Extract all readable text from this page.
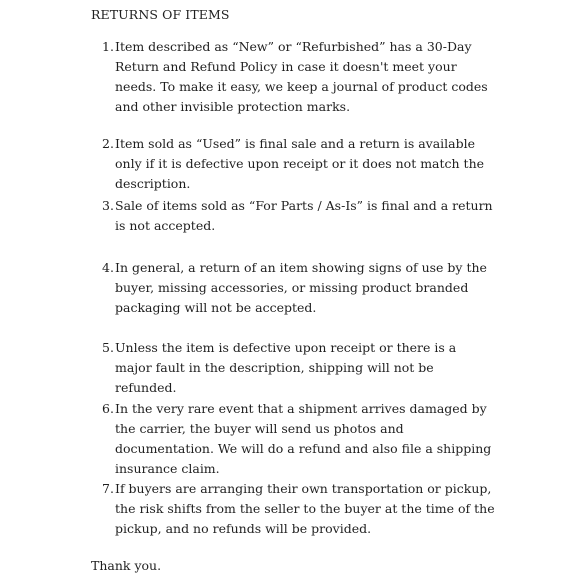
RETURNS OF ITEMS
1. Item described as “New” or “Refurbished” has a 30-Day Return and Refund Policy in case it doesn't meet your needs. To make it easy, we keep a journal of product codes and other invisible protection marks.
2. Item sold as “Used” is final sale and a return is available only if it is defective upon receipt or it does not match the description.
3. Sale of items sold as “For Parts / As-Is” is final and a return is not accepted.
4. In general, a return of an item showing signs of use by the buyer, missing accessories, or missing product branded packaging will not be accepted.
5. Unless the item is defective upon receipt or there is a major fault in the description, shipping will not be refunded.
6. In the very rare event that a shipment arrives damaged by the carrier, the buyer will send us photos and documentation. We will do a refund and also file a shipping insurance claim.
7. If buyers are arranging their own transportation or pickup, the risk shifts from the seller to the buyer at the time of the pickup, and no refunds will be provided.

Thank you.
